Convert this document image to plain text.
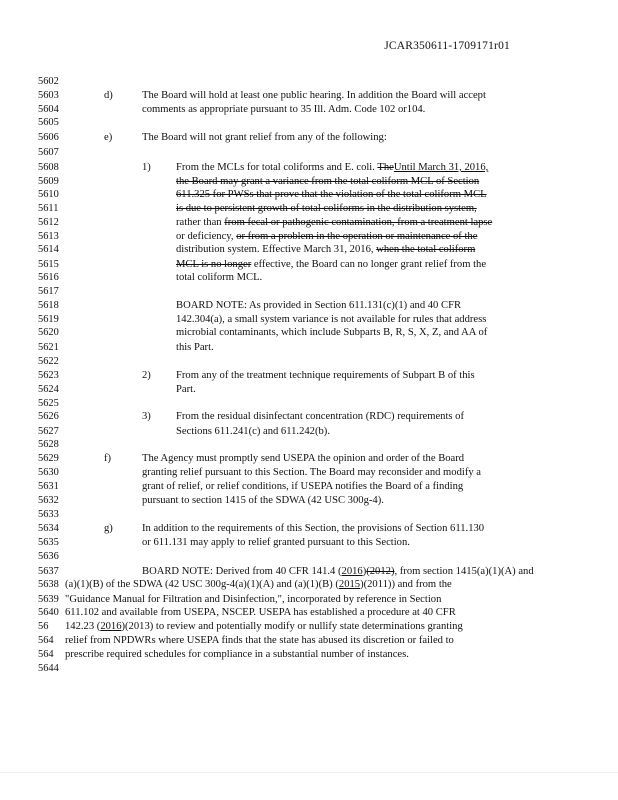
JCAR350611-1709171r01
5602
5603	d)	The Board will hold at least one public hearing. In addition the Board will accept
5604	comments as appropriate pursuant to 35 Ill. Adm. Code 102 or104.
5605
5606	e)	The Board will not grant relief from any of the following:
5607
5608	1) From the MCLs for total coliforms and E. coli. TheUntil March 31, 2016,
5609	the Board may grant a variance from the total coliform MCL of Section
5610	611.325 for PWSs that prove that the violation of the total coliform MCL
5611	is due to persistent growth of total coliforms in the distribution system,
5612	rather than from fecal or pathogenic contamination, from a treatment lapse
5613	or deficiency, or from a problem in the operation or maintenance of the
5614	distribution system. Effective March 31, 2016, when the total coliform
5615	MCL is no longer effective, the Board can no longer grant relief from the
5616	total coliform MCL.
5617
5618	BOARD NOTE: As provided in Section 611.131(c)(1) and 40 CFR
5619	142.304(a), a small system variance is not available for rules that address
5620	microbial contaminants, which include Subparts B, R, S, X, Z, and AA of
5621	this Part.
5622
5623	2) From any of the treatment technique requirements of Subpart B of this
5624	Part.
5625
5626	3) From the residual disinfectant concentration (RDC) requirements of
5627	Sections 611.241(c) and 611.242(b).
5628
5629	f)	The Agency must promptly send USEPA the opinion and order of the Board
5630	granting relief pursuant to this Section. The Board may reconsider and modify a
5631	grant of relief, or relief conditions, if USEPA notifies the Board of a finding
5632	pursuant to section 1415 of the SDWA (42 USC 300g-4).
5633
5634	g)	In addition to the requirements of this Section, the provisions of Section 611.130
5635	or 611.131 may apply to relief granted pursuant to this Section.
5636
5637	BOARD NOTE: Derived from 40 CFR 141.4 (2016)(2012), from section 1415(a)(1)(A) and
5638 (a)(1)(B) of the SDWA (42 USC 300g-4(a)(1)(A) and (a)(1)(B) (2015)(2011)) and from the
5639 "Guidance Manual for Filtration and Disinfection,", incorporated by reference in Section
5640 611.102 and available from USEPA, NSCEP. USEPA has established a procedure at 40 CFR
56	142.23 (2016)(2013) to review and potentially modify or nullify state determinations granting
564	relief from NPDWRs where USEPA finds that the state has abused its discretion or failed to
564	prescribe required schedules for compliance in a substantial number of instances.
5644
